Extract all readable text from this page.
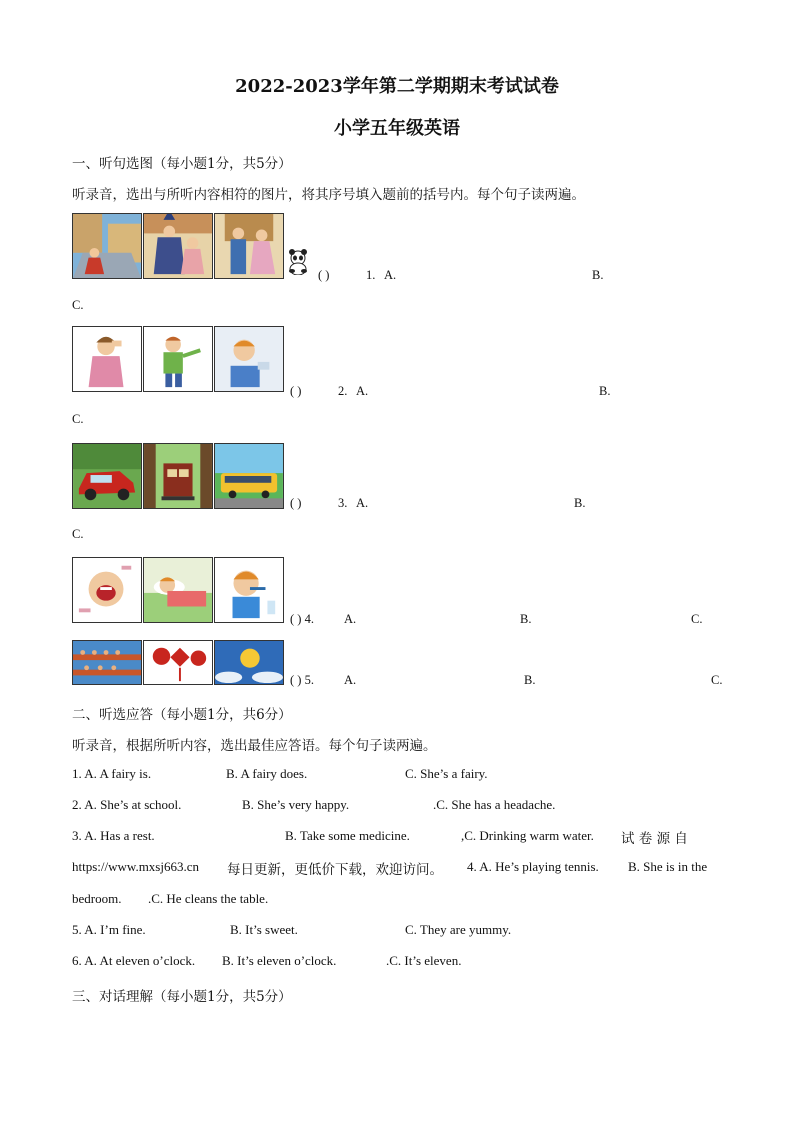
2022-2023学年第二学期期末考试试卷
小学五年级英语
一、听句选图（每小题1分，共5分）
听录音，选出与所听内容相符的图片，将其序号填入题前的括号内。每个句子读两遍。
( )	1. A.	B.
C.
( )	2. A.	B.
C.
( )	3. A.	B.
C.
( ) 4. A.	B.	C.
( ) 5. A.	B.	C.
二、听选应答（每小题1分，共6分）
听录音，根据所听内容，选出最佳应答语。每个句子读两遍。
1. A. A fairy is.	B. A fairy does.	C. She’s a fairy.
2. A. She’s at school.	B. She’s very happy.	.C. She has a headache.
3. A. Has a rest.	B. Take some medicine.	,C. Drinking warm water. 试 卷 源 自
https://www.mxsj663.cn 每日更新，更低价下载，欢迎访问。 4. A. He’s playing tennis. B. She is in the
bedroom. .C. He cleans the table.
5. A. I’m fine.	B. It’s sweet.	C. They are yummy.
6. A. At eleven o’clock. B. It’s eleven o’clock.	.C. It’s eleven.
三、对话理解（每小题1分，共5分）
